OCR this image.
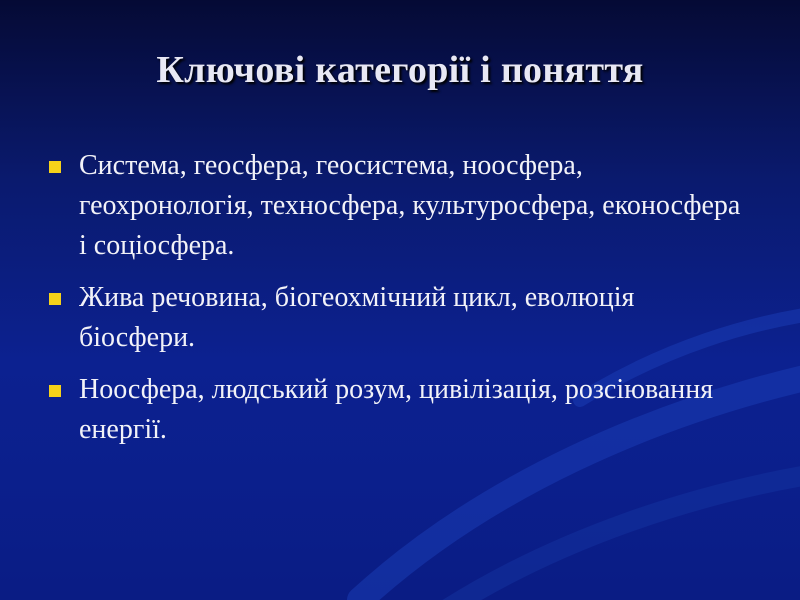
Ключові категорії і поняття
Система, геосфера, геосистема, ноосфера, геохронологія, техносфера, культуросфера, еконосфера і соціосфера.
Жива речовина, біогеохмічний цикл, еволюція біосфери.
Ноосфера, людський розум, цивілізація, розсіювання енергії.
